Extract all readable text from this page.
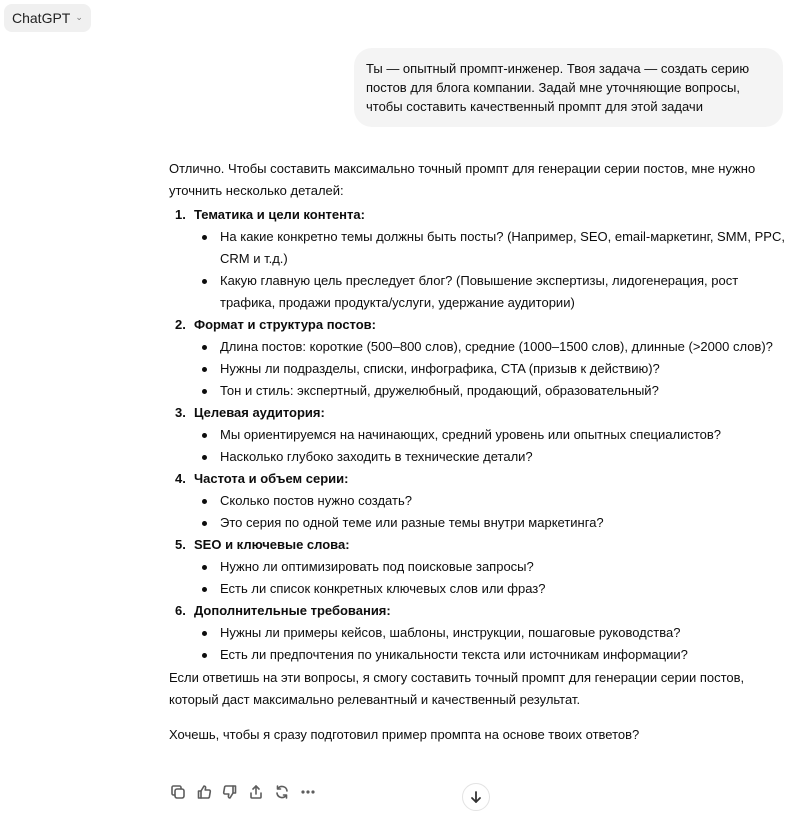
ChatGPT ⌄
Ты — опытный промпт-инженер. Твоя задача — создать серию постов для блога компании. Задай мне уточняющие вопросы, чтобы составить качественный промпт для этой задачи

Отлично. Чтобы составить максимально точный промпт для генерации серии постов, мне нужно уточнить несколько деталей:

1. Тематика и цели контента:
На какие конкретно темы должны быть посты? (Например, SEO, email-маркетинг, SMM, PPC, CRM и т.д.)
Какую главную цель преследует блог? (Повышение экспертизы, лидогенерация, рост трафика, продажи продукта/услуги, удержание аудитории)
2. Формат и структура постов:
Длина постов: короткие (500–800 слов), средние (1000–1500 слов), длинные (>2000 слов)?
Нужны ли подразделы, списки, инфографика, CTA (призыв к действию)?
Тон и стиль: экспертный, дружелюбный, продающий, образовательный?
3. Целевая аудитория:
Мы ориентируемся на начинающих, средний уровень или опытных специалистов?
Насколько глубоко заходить в технические детали?
4. Частота и объем серии:
Сколько постов нужно создать?
Это серия по одной теме или разные темы внутри маркетинга?
5. SEO и ключевые слова:
Нужно ли оптимизировать под поисковые запросы?
Есть ли список конкретных ключевых слов или фраз?
6. Дополнительные требования:
Нужны ли примеры кейсов, шаблоны, инструкции, пошаговые руководства?
Есть ли предпочтения по уникальности текста или источникам информации?

Если ответишь на эти вопросы, я смогу составить точный промпт для генерации серии постов, который даст максимально релевантный и качественный результат.

Хочешь, чтобы я сразу подготовил пример промпта на основе твоих ответов?
